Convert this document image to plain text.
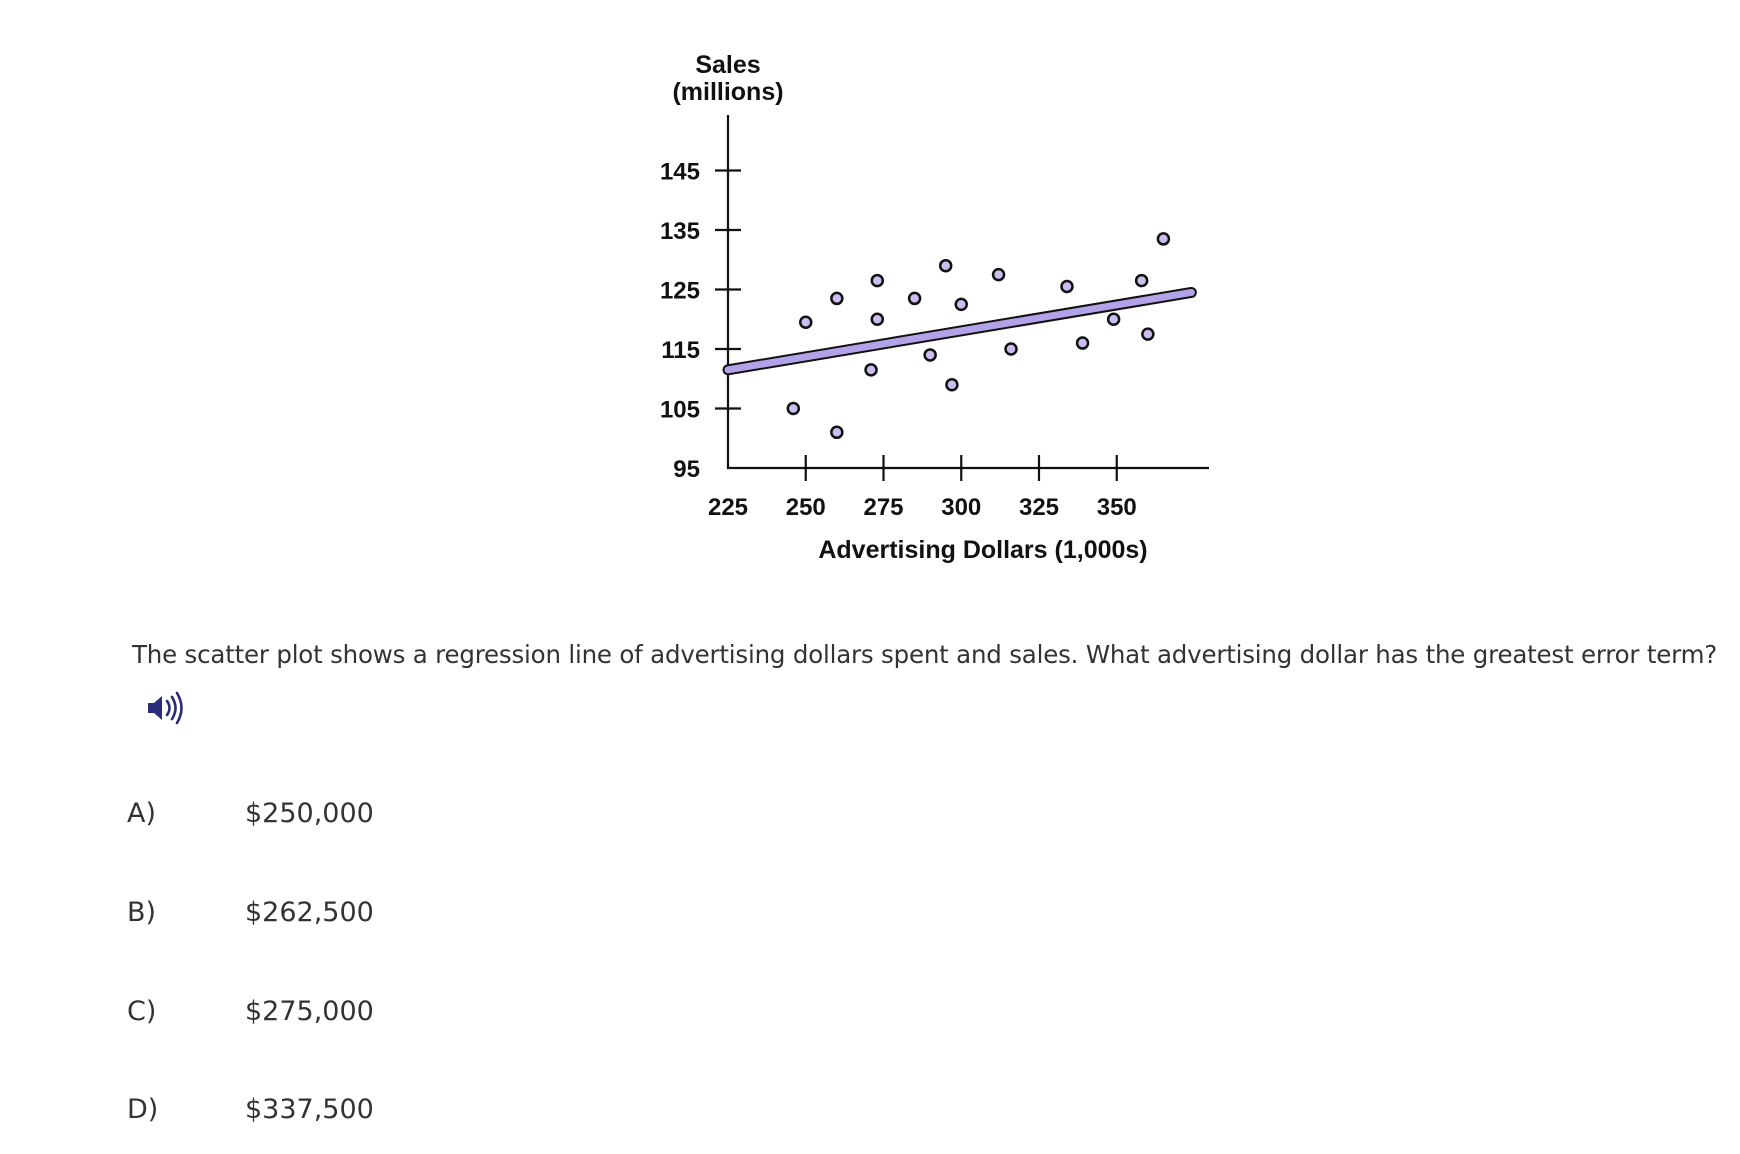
Sales
(millions)
95
105
115
125
135
145
225 250 275 300 325 350
Advertising Dollars (1,000s)
The scatter plot shows a regression line of advertising dollars spent and sales. What advertising dollar has the greatest error term?
A)	$250,000
B)	$262,500
C)	$275,000
D)	$337,500
